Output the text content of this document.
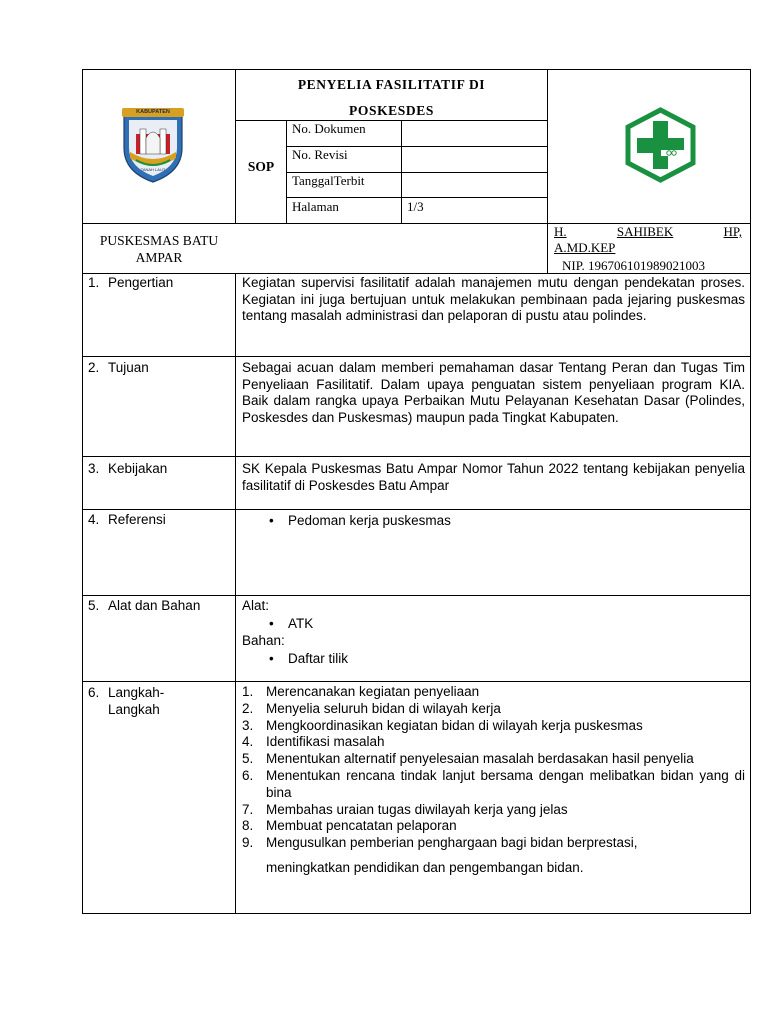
KABUPATEN
TANAH LAUT
PENYELIA FASILITATIF DI
POSKESDES
SOP
No. Dokumen
No. Revisi
TanggalTerbit
Halaman	1/3
PUSKESMAS BATU
AMPAR
H.	SAHIBEK	HP,
A.MD.KEP
NIP. 196706101989021003
1. Pengertian	Kegiatan supervisi fasilitatif adalah manajemen mutu dengan pendekatan proses. Kegiatan ini juga bertujuan untuk melakukan pembinaan pada jejaring puskesmas tentang masalah administrasi dan pelaporan di pustu atau polindes.
2. Tujuan	Sebagai acuan dalam memberi pemahaman dasar Tentang Peran dan Tugas Tim Penyeliaan Fasilitatif. Dalam upaya penguatan sistem penyeliaan program KIA. Baik dalam rangka upaya Perbaikan Mutu Pelayanan Kesehatan Dasar (Polindes, Poskesdes dan Puskesmas) maupun pada Tingkat Kabupaten.
3. Kebijakan	SK Kepala Puskesmas Batu Ampar Nomor Tahun 2022 tentang kebijakan penyelia fasilitatif di Poskesdes Batu Ampar
4. Referensi
•	Pedoman kerja puskesmas
5. Alat dan Bahan	Alat:
• ATK
Bahan:
• Daftar tilik
6. Langkah-
Langkah
1. Merencanakan kegiatan penyeliaan
2. Menyelia seluruh bidan di wilayah kerja
3. Mengkoordinasikan kegiatan bidan di wilayah kerja puskesmas
4. Identifikasi masalah
5. Menentukan alternatif penyelesaian masalah berdasakan hasil penyelia
6. Menentukan rencana tindak lanjut bersama dengan melibatkan bidan yang di bina
7. Membahas uraian tugas diwilayah kerja yang jelas
8. Membuat pencatatan pelaporan
9. Mengusulkan pemberian penghargaan bagi bidan berprestasi,
meningkatkan pendidikan dan pengembangan bidan.
